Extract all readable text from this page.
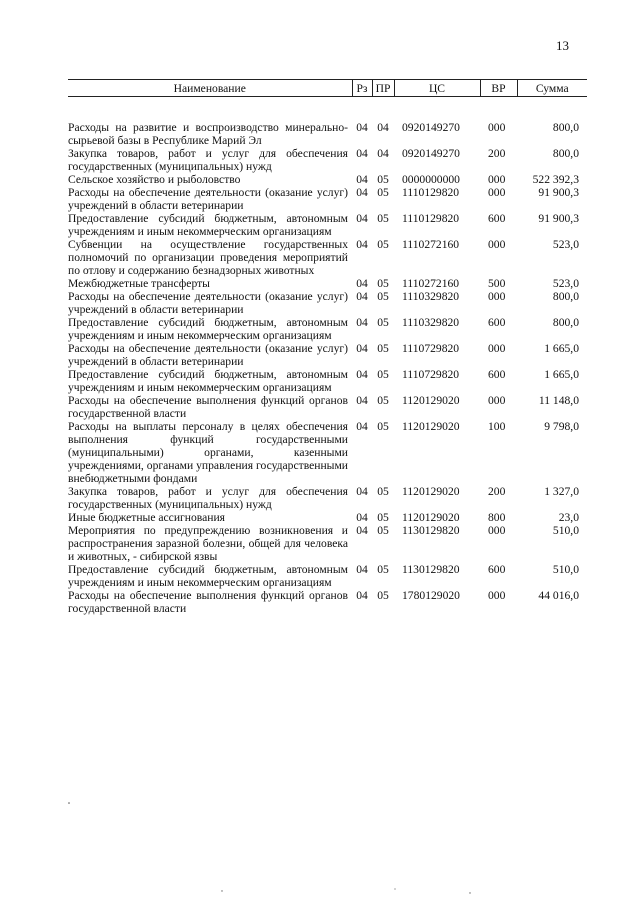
13
Наименование	Рз	ПР	ЦС	ВР	Сумма
Расходы на развитие и воспроизводство минерально-сырьевой базы в Республике Марий Эл	04	04	0920149270	000	800,0
Закупка товаров, работ и услуг для обеспечения государственных (муниципальных) нужд	04	04	0920149270	200	800,0
Сельское хозяйство и рыболовство	04	05	0000000000	000	522 392,3
Расходы на обеспечение деятельности (оказание услуг) учреждений в области ветеринарии	04	05	1110129820	000	91 900,3
Предоставление субсидий бюджетным, автономным учреждениям и иным некоммерческим организациям	04	05	1110129820	600	91 900,3
Субвенции на осуществление государственных полномочий по организации проведения мероприятий по отлову и содержанию безнадзорных животных	04	05	1110272160	000	523,0
Межбюджетные трансферты	04	05	1110272160	500	523,0
Расходы на обеспечение деятельности (оказание услуг) учреждений в области ветеринарии	04	05	1110329820	000	800,0
Предоставление субсидий бюджетным, автономным учреждениям и иным некоммерческим организациям	04	05	1110329820	600	800,0
Расходы на обеспечение деятельности (оказание услуг) учреждений в области ветеринарии	04	05	1110729820	000	1 665,0
Предоставление субсидий бюджетным, автономным учреждениям и иным некоммерческим организациям	04	05	1110729820	600	1 665,0
Расходы на обеспечение выполнения функций органов государственной власти	04	05	1120129020	000	11 148,0
Расходы на выплаты персоналу в целях обеспечения выполнения функций государственными (муниципальными) органами, казенными учреждениями, органами управления государственными внебюджетными фондами	04	05	1120129020	100	9 798,0
Закупка товаров, работ и услуг для обеспечения государственных (муниципальных) нужд	04	05	1120129020	200	1 327,0
Иные бюджетные ассигнования	04	05	1120129020	800	23,0
Мероприятия по предупреждению возникновения и распространения заразной болезни, общей для человека и животных, - сибирской язвы	04	05	1130129820	000	510,0
Предоставление субсидий бюджетным, автономным учреждениям и иным некоммерческим организациям	04	05	1130129820	600	510,0
Расходы на обеспечение выполнения функций органов государственной власти	04	05	1780129020	000	44 016,0
